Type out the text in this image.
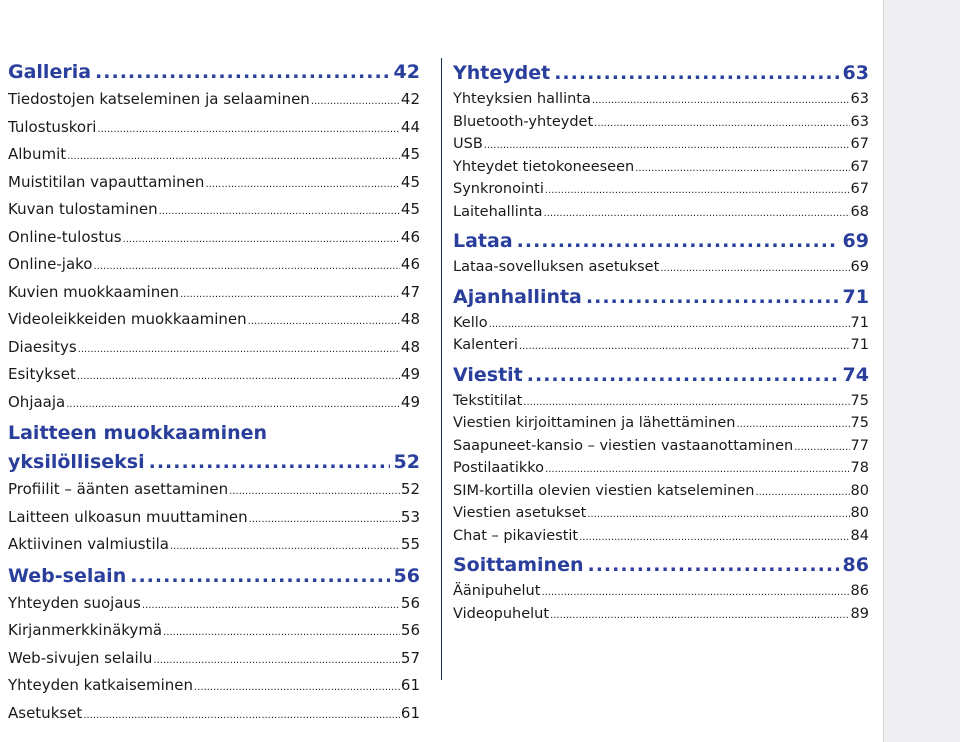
Galleria .....	42
Tiedostojen katseleminen ja selaaminen .....	42
Tulostuskori .....	44
Albumit .....	45
Muistitilan vapauttaminen .....	45
Kuvan tulostaminen .....	45
Online-tulostus .....	46
Online-jako .....	46
Kuvien muokkaaminen .....	47
Videoleikkeiden muokkaaminen .....	48
Diaesitys .....	48
Esitykset .....	49
Ohjaaja .....	49
Laitteen muokkaaminen
yksilölliseksi .....	52
Profiilit – äänten asettaminen .....	52
Laitteen ulkoasun muuttaminen .....	53
Aktiivinen valmiustila .....	55
Web-selain .....	56
Yhteyden suojaus .....	56
Kirjanmerkkinäkymä .....	56
Web-sivujen selailu .....	57
Yhteyden katkaiseminen .....	61
Asetukset .....	61
Yhteydet .....	63
Yhteyksien hallinta .....	63
Bluetooth-yhteydet .....	63
USB .....	67
Yhteydet tietokoneeseen .....	67
Synkronointi .....	67
Laitehallinta .....	68
Lataa .....	69
Lataa-sovelluksen asetukset .....	69
Ajanhallinta .....	71
Kello .....	71
Kalenteri .....	71
Viestit .....	74
Tekstitilat .....	75
Viestien kirjoittaminen ja lähettäminen .....	75
Saapuneet-kansio – viestien vastaanottaminen .....	77
Postilaatikko .....	78
SIM-kortilla olevien viestien katseleminen .....	80
Viestien asetukset .....	80
Chat – pikaviestit .....	84
Soittaminen .....	86
Äänipuhelut .....	86
Videopuhelut .....	89
